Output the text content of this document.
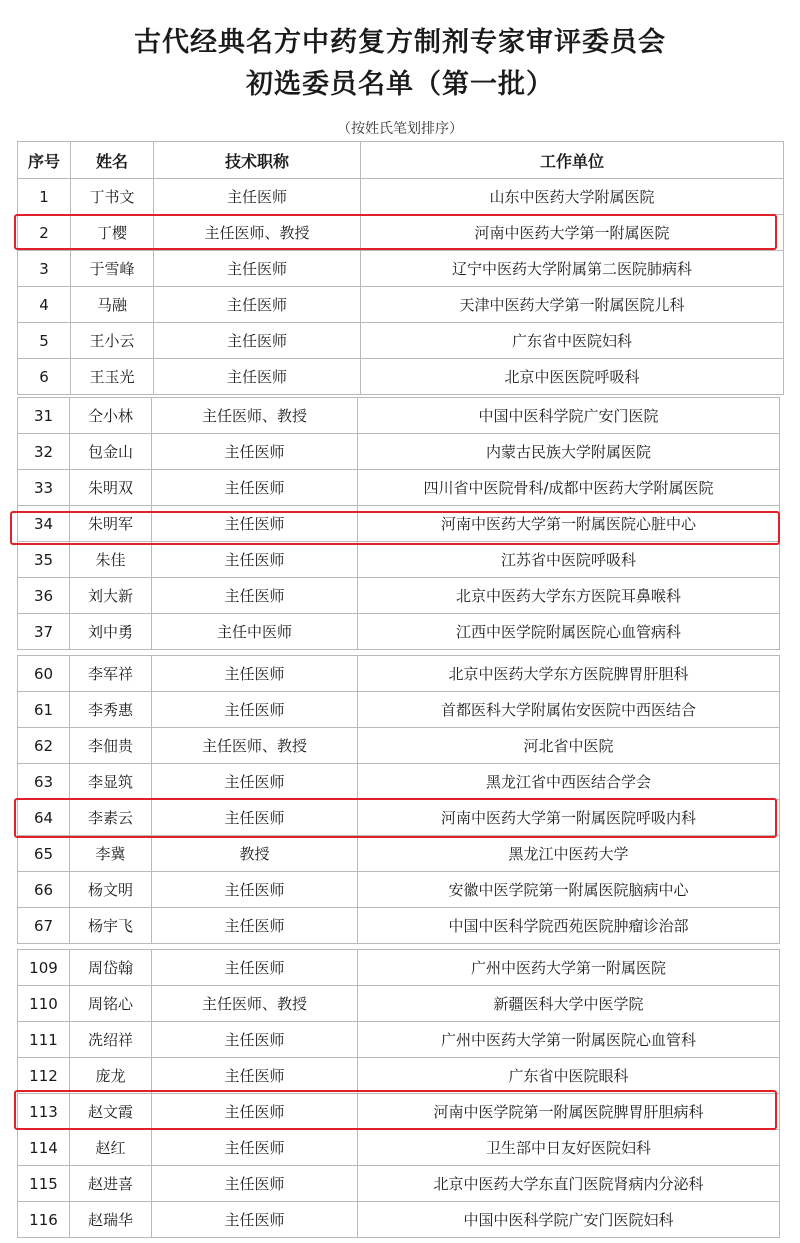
古代经典名方中药复方制剂专家审评委员会
初选委员名单（第一批）
（按姓氏笔划排序）
序号	姓名	技术职称	工作单位
1	丁书文	主任医师	山东中医药大学附属医院
2	丁樱	主任医师、教授	河南中医药大学第一附属医院
3	于雪峰	主任医师	辽宁中医药大学附属第二医院肺病科
4	马融	主任医师	天津中医药大学第一附属医院儿科
5	王小云	主任医师	广东省中医院妇科
6	王玉光	主任医师	北京中医医院呼吸科
31	仝小林	主任医师、教授	中国中医科学院广安门医院
32	包金山	主任医师	内蒙古民族大学附属医院
33	朱明双	主任医师	四川省中医院骨科/成都中医药大学附属医院
34	朱明军	主任医师	河南中医药大学第一附属医院心脏中心
35	朱佳	主任医师	江苏省中医院呼吸科
36	刘大新	主任医师	北京中医药大学东方医院耳鼻喉科
37	刘中勇	主任中医师	江西中医学院附属医院心血管病科
60	李军祥	主任医师	北京中医药大学东方医院脾胃肝胆科
61	李秀惠	主任医师	首都医科大学附属佑安医院中西医结合
62	李佃贵	主任医师、教授	河北省中医院
63	李显筑	主任医师	黑龙江省中西医结合学会
64	李素云	主任医师	河南中医药大学第一附属医院呼吸内科
65	李冀	教授	黑龙江中医药大学
66	杨文明	主任医师	安徽中医学院第一附属医院脑病中心
67	杨宇飞	主任医师	中国中医科学院西苑医院肿瘤诊治部
109	周岱翰	主任医师	广州中医药大学第一附属医院
110	周铭心	主任医师、教授	新疆医科大学中医学院
111	冼绍祥	主任医师	广州中医药大学第一附属医院心血管科
112	庞龙	主任医师	广东省中医院眼科
113	赵文霞	主任医师	河南中医学院第一附属医院脾胃肝胆病科
114	赵红	主任医师	卫生部中日友好医院妇科
115	赵进喜	主任医师	北京中医药大学东直门医院肾病内分泌科
116	赵瑞华	主任医师	中国中医科学院广安门医院妇科
